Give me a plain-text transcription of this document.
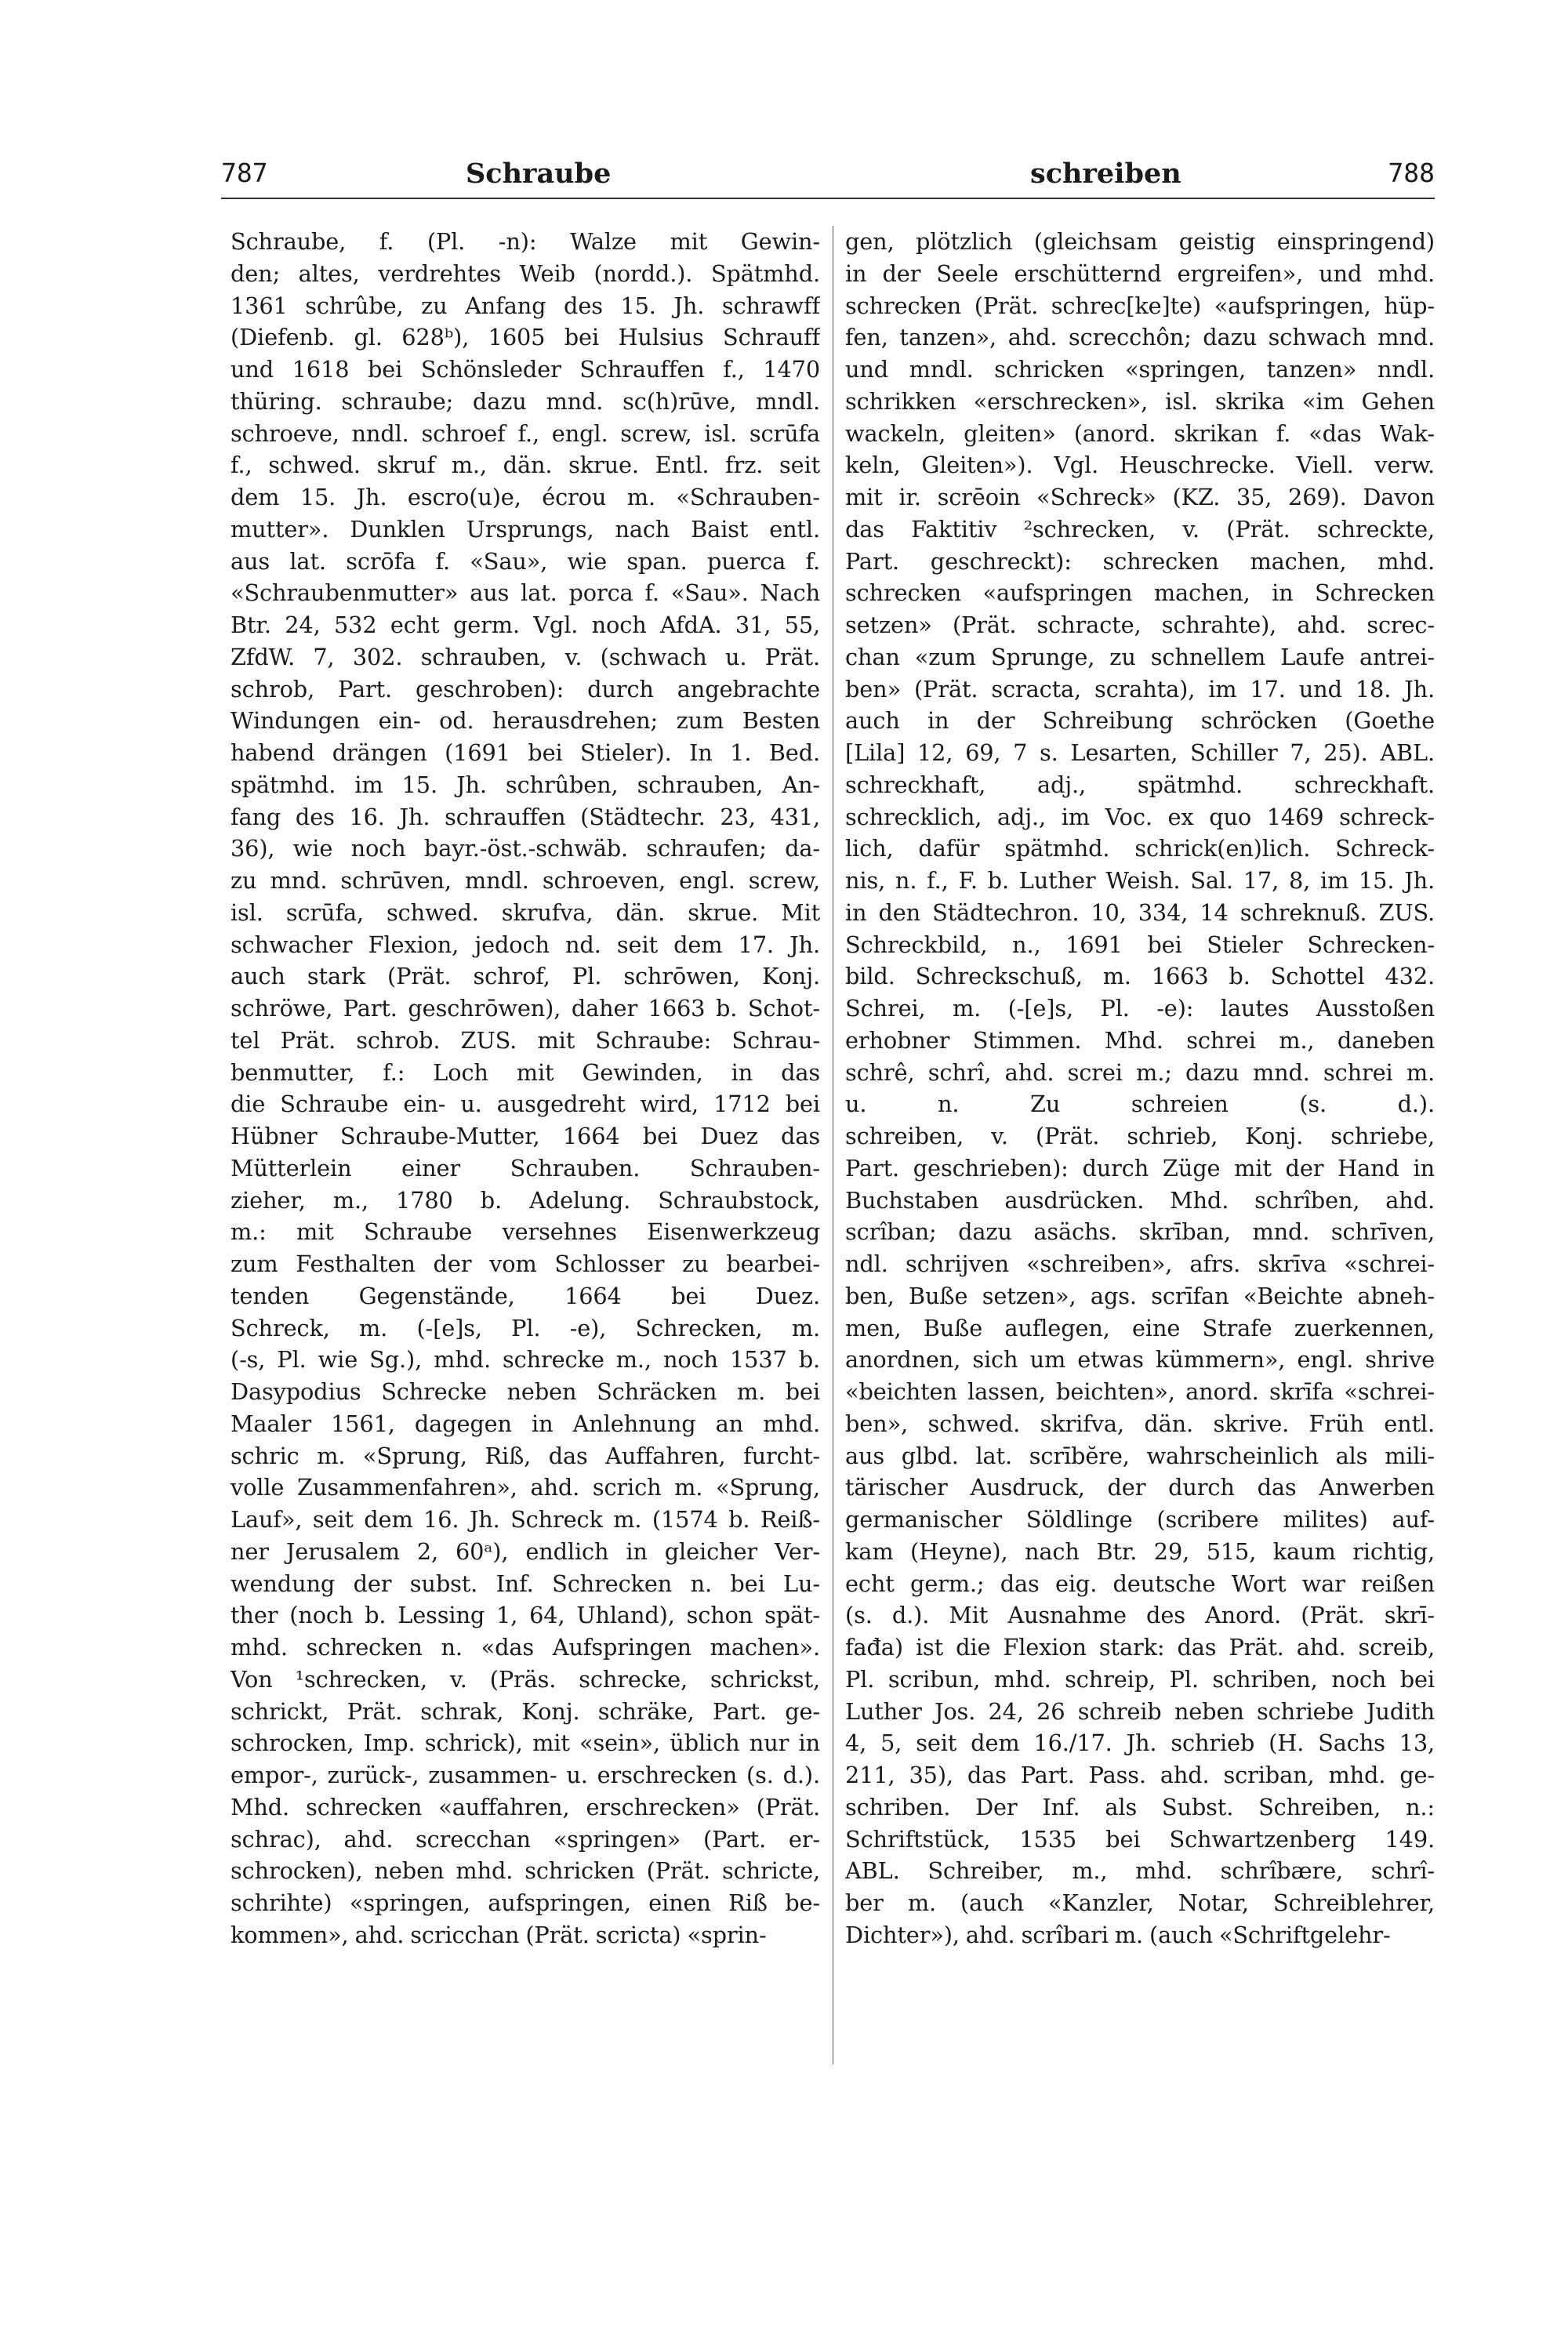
787	Schraube	schreiben	788

Schraube, f. (Pl. -n): Walze mit Gewin-

den; altes, verdrehtes Weib (nordd.). Spätmhd.

1361 schrûbe, zu Anfang des 15. Jh. schrawff

(Diefenb. gl. 628ᵇ), 1605 bei Hulsius Schrauff

und 1618 bei Schönsleder Schrauffen f., 1470

thüring. schraube; dazu mnd. sc(h)rūve, mndl.

schroeve, nndl. schroef f., engl. screw, isl. scrūfa

f., schwed. skruf m., dän. skrue. Entl. frz. seit

dem 15. Jh. escro(u)e, écrou m. «Schrauben-

mutter». Dunklen Ursprungs, nach Baist entl.

aus lat. scrōfa f. «Sau», wie span. puerca f.

«Schraubenmutter» aus lat. porca f. «Sau». Nach

Btr. 24, 532 echt germ. Vgl. noch AfdA. 31, 55,

ZfdW. 7, 302. schrauben, v. (schwach u. Prät.

schrob, Part. geschroben): durch angebrachte

Windungen ein- od. herausdrehen; zum Besten

habend drängen (1691 bei Stieler). In 1. Bed.

spätmhd. im 15. Jh. schrûben, schrauben, An-

fang des 16. Jh. schrauffen (Städtechr. 23, 431,

36), wie noch bayr.-öst.-schwäb. schraufen; da-

zu mnd. schrūven, mndl. schroeven, engl. screw,

isl. scrūfa, schwed. skrufva, dän. skrue. Mit

schwacher Flexion, jedoch nd. seit dem 17. Jh.

auch stark (Prät. schrof, Pl. schrōwen, Konj.

schröwe, Part. geschrōwen), daher 1663 b. Schot-

tel Prät. schrob. ZUS. mit Schraube: Schrau-

benmutter, f.: Loch mit Gewinden, in das

die Schraube ein- u. ausgedreht wird, 1712 bei

Hübner Schraube-Mutter, 1664 bei Duez das

Mütterlein einer Schrauben. Schrauben-

zieher, m., 1780 b. Adelung. Schraubstock,

m.: mit Schraube versehnes Eisenwerkzeug

zum Festhalten der vom Schlosser zu bearbei-

tenden Gegenstände, 1664 bei Duez.

Schreck, m. (-[e]s, Pl. -e), Schrecken, m.

(-s, Pl. wie Sg.), mhd. schrecke m., noch 1537 b.

Dasypodius Schrecke neben Schräcken m. bei

Maaler 1561, dagegen in Anlehnung an mhd.

schric m. «Sprung, Riß, das Auffahren, furcht-

volle Zusammenfahren», ahd. scrich m. «Sprung,

Lauf», seit dem 16. Jh. Schreck m. (1574 b. Reiß-

ner Jerusalem 2, 60ᵃ), endlich in gleicher Ver-

wendung der subst. Inf. Schrecken n. bei Lu-

ther (noch b. Lessing 1, 64, Uhland), schon spät-

mhd. schrecken n. «das Aufspringen machen».

Von ¹schrecken, v. (Präs. schrecke, schrickst,

schrickt, Prät. schrak, Konj. schräke, Part. ge-

schrocken, Imp. schrick), mit «sein», üblich nur in

empor-, zurück-, zusammen- u. erschrecken (s. d.).

Mhd. schrecken «auffahren, erschrecken» (Prät.

schrac), ahd. screcchan «springen» (Part. er-

schrocken), neben mhd. schricken (Prät. schricte,

schrihte) «springen, aufspringen, einen Riß be-

kommen», ahd. scricchan (Prät. scricta) «sprin-

gen, plötzlich (gleichsam geistig einspringend)

in der Seele erschütternd ergreifen», und mhd.

schrecken (Prät. schrec[ke]te) «aufspringen, hüp-

fen, tanzen», ahd. screcchôn; dazu schwach mnd.

und mndl. schricken «springen, tanzen» nndl.

schrikken «erschrecken», isl. skrika «im Gehen

wackeln, gleiten» (anord. skrikan f. «das Wak-

keln, Gleiten»). Vgl. Heuschrecke. Viell. verw.

mit ir. scrēoin «Schreck» (KZ. 35, 269). Davon

das Faktitiv ²schrecken, v. (Prät. schreckte,

Part. geschreckt): schrecken machen, mhd.

schrecken «aufspringen machen, in Schrecken

setzen» (Prät. schracte, schrahte), ahd. screc-

chan «zum Sprunge, zu schnellem Laufe antrei-

ben» (Prät. scracta, scrahta), im 17. und 18. Jh.

auch in der Schreibung schröcken (Goethe

[Lila] 12, 69, 7 s. Lesarten, Schiller 7, 25). ABL.

schreckhaft, adj., spätmhd. schreckhaft.

schrecklich, adj., im Voc. ex quo 1469 schreck-

lich, dafür spätmhd. schrick(en)lich. Schreck-

nis, n. f., F. b. Luther Weish. Sal. 17, 8, im 15. Jh.

in den Städtechron. 10, 334, 14 schreknuß. ZUS.

Schreckbild, n., 1691 bei Stieler Schrecken-

bild. Schreckschuß, m. 1663 b. Schottel 432.

Schrei, m. (-[e]s, Pl. -e): lautes Ausstoßen

erhobner Stimmen. Mhd. schrei m., daneben

schrê, schrî, ahd. screi m.; dazu mnd. schrei m.

u. n. Zu schreien (s. d.).

schreiben, v. (Prät. schrieb, Konj. schriebe,

Part. geschrieben): durch Züge mit der Hand in

Buchstaben ausdrücken. Mhd. schrîben, ahd.

scrîban; dazu asächs. skrīban, mnd. schrīven,

ndl. schrijven «schreiben», afrs. skrīva «schrei-

ben, Buße setzen», ags. scrīfan «Beichte abneh-

men, Buße auflegen, eine Strafe zuerkennen,

anordnen, sich um etwas kümmern», engl. shrive

«beichten lassen, beichten», anord. skrīfa «schrei-

ben», schwed. skrifva, dän. skrive. Früh entl.

aus glbd. lat. scrībĕre, wahrscheinlich als mili-

tärischer Ausdruck, der durch das Anwerben

germanischer Söldlinge (scribere milites) auf-

kam (Heyne), nach Btr. 29, 515, kaum richtig,

echt germ.; das eig. deutsche Wort war reißen

(s. d.). Mit Ausnahme des Anord. (Prät. skrī-

fađa) ist die Flexion stark: das Prät. ahd. screib,

Pl. scribun, mhd. schreip, Pl. schriben, noch bei

Luther Jos. 24, 26 schreib neben schriebe Judith

4, 5, seit dem 16./17. Jh. schrieb (H. Sachs 13,

211, 35), das Part. Pass. ahd. scriban, mhd. ge-

schriben. Der Inf. als Subst. Schreiben, n.:

Schriftstück, 1535 bei Schwartzenberg 149.

ABL. Schreiber, m., mhd. schrîbære, schrî-

ber m. (auch «Kanzler, Notar, Schreiblehrer,

Dichter»), ahd. scrîbari m. (auch «Schriftgelehr-
